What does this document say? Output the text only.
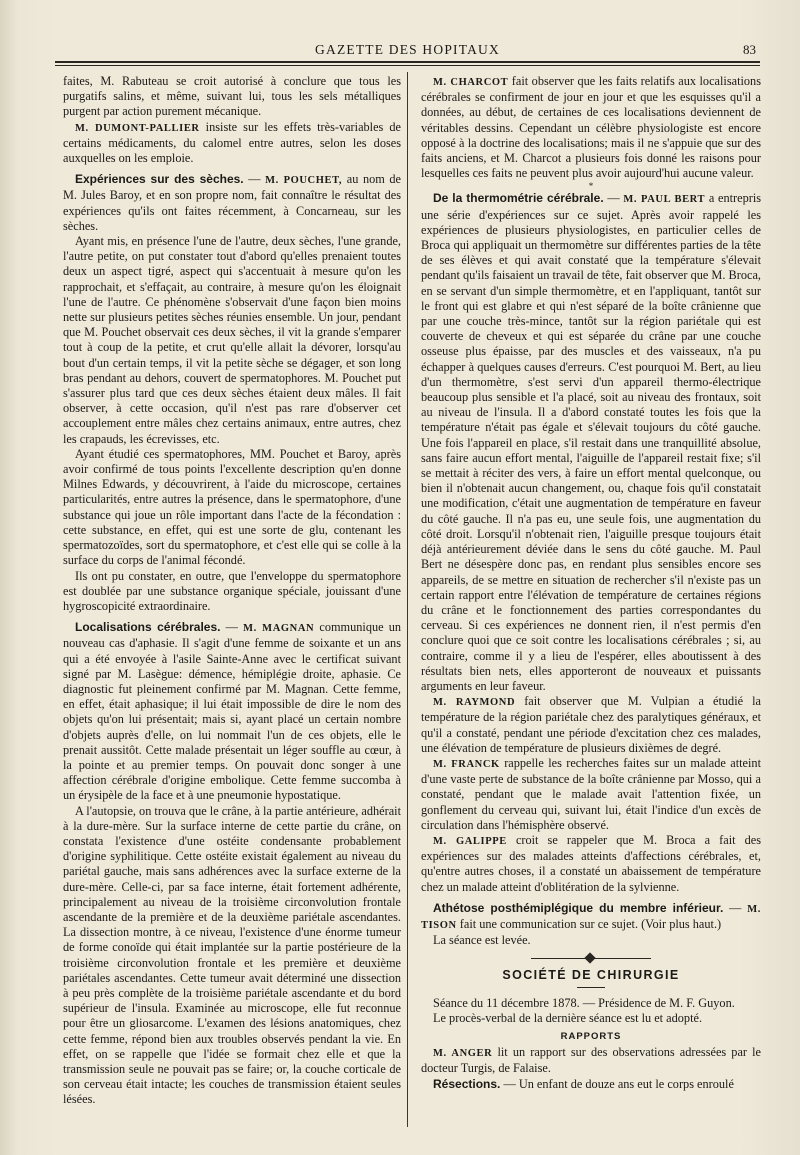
GAZETTE DES HOPITAUX	83

faites, M. Rabuteau se croit autorisé à conclure que tous les purgatifs salins, et même, suivant lui, tous les sels métalliques purgent par action purement mécanique.

M. DUMONT-PALLIER insiste sur les effets très-variables de certains médicaments, du calomel entre autres, selon les doses auxquelles on les emploie.

Expériences sur des sèches. — M. POUCHET, au nom de M. Jules Baroy, et en son propre nom, fait connaître le résultat des expériences qu'ils ont faites récemment, à Concarneau, sur les sèches.

Ayant mis, en présence l'une de l'autre, deux sèches, l'une grande, l'autre petite, on put constater tout d'abord qu'elles prenaient toutes deux un aspect tigré, aspect qui s'accentuait à mesure qu'on les rapprochait, et s'effaçait, au contraire, à mesure qu'on les éloignait l'une de l'autre. Ce phénomène s'observait d'une façon bien moins nette sur plusieurs petites sèches réunies ensemble. Un jour, pendant que M. Pouchet observait ces deux sèches, il vit la grande s'emparer tout à coup de la petite, et crut qu'elle allait la dévorer, lorsqu'au bout d'un certain temps, il vit la petite sèche se dégager, et son long bras pendant au dehors, couvert de spermatophores. M. Pouchet put s'assurer plus tard que ces deux sèches étaient deux mâles. Il fait observer, à cette occasion, qu'il n'est pas rare d'observer cet accouplement entre mâles chez certains animaux, entre autres, chez les crapauds, les écrevisses, etc.

Ayant étudié ces spermatophores, MM. Pouchet et Baroy, après avoir confirmé de tous points l'excellente description qu'en donne Milnes Edwards, y découvrirent, à l'aide du microscope, certaines particularités, entre autres la présence, dans le spermatophore, d'une substance qui joue un rôle important dans l'acte de la fécondation : cette substance, en effet, qui est une sorte de glu, contenant les spermatozoïdes, sort du spermatophore, et c'est elle qui se colle à la surface du corps de l'animal fécondé.

Ils ont pu constater, en outre, que l'enveloppe du spermatophore est doublée par une substance organique spéciale, jouissant d'une hygroscopicité extraordinaire.

Localisations cérébrales. — M. MAGNAN communique un nouveau cas d'aphasie. Il s'agit d'une femme de soixante et un ans qui a été envoyée à l'asile Sainte-Anne avec le certificat suivant signé par M. Lasègue: démence, hémiplégie droite, aphasie. Ce diagnostic fut pleinement confirmé par M. Magnan. Cette femme, en effet, était aphasique; il lui était impossible de dire le nom des objets qu'on lui présentait; mais si, ayant placé un certain nombre d'objets auprès d'elle, on lui nommait l'un de ces objets, elle le prenait aussitôt. Cette malade présentait un léger souffle au cœur, à la pointe et au premier temps. On pouvait donc songer à une affection cérébrale d'origine embolique. Cette femme succomba à un érysipèle de la face et à une pneumonie hypostatique.

A l'autopsie, on trouva que le crâne, à la partie antérieure, adhérait à la dure-mère. Sur la surface interne de cette partie du crâne, on constata l'existence d'une ostéite condensante probablement d'origine syphilitique. Cette ostéite existait également au niveau du pariétal gauche, mais sans adhérences avec la surface externe de la dure-mère. Celle-ci, par sa face interne, était fortement adhérente, principalement au niveau de la troisième circonvolution frontale ascendante de la première et de la deuxième pariétale ascendantes. La dissection montre, à ce niveau, l'existence d'une énorme tumeur de forme conoïde qui était implantée sur la partie postérieure de la troisième circonvolution frontale et les première et deuxième pariétales ascendantes. Cette tumeur avait déterminé une dissection à peu près complète de la troisième pariétale ascendante et du bord supérieur de l'insula. Examinée au microscope, elle fut reconnue pour être un gliosarcome. L'examen des lésions anatomiques, chez cette femme, répond bien aux troubles observés pendant la vie. En effet, on se rappelle que l'idée se formait chez elle et que la transmission seule ne pouvait pas se faire; or, la couche corticale de son cerveau était intacte; les couches de transmission étaient seules lésées.

M. CHARCOT fait observer que les faits relatifs aux localisations cérébrales se confirment de jour en jour et que les esquisses qu'il a données, au début, de certaines de ces localisations deviennent de véritables dessins. Cependant un célèbre physiologiste est encore opposé à la doctrine des localisations; mais il ne s'appuie que sur des faits anciens, et M. Charcot a plusieurs fois donné les raisons pour lesquelles ces faits ne peuvent plus avoir aujourd'hui aucune valeur.

*

De la thermométrie cérébrale. — M. PAUL BERT a entrepris une série d'expériences sur ce sujet. Après avoir rappelé les expériences de plusieurs physiologistes, en particulier celles de Broca qui appliquait un thermomètre sur différentes parties de la tête de ses élèves et qui avait constaté que la température s'élevait pendant qu'ils faisaient un travail de tête, fait observer que M. Broca, en se servant d'un simple thermomètre, et en l'appliquant, tantôt sur le front qui est glabre et qui n'est séparé de la boîte crânienne que par une couche très-mince, tantôt sur la région pariétale qui est couverte de cheveux et qui est séparée du crâne par une couche osseuse plus épaisse, par des muscles et des vaisseaux, n'a pu échapper à quelques causes d'erreurs. C'est pourquoi M. Bert, au lieu d'un thermomètre, s'est servi d'un appareil thermo-électrique beaucoup plus sensible et l'a placé, soit au niveau des frontaux, soit au niveau de l'insula. Il a d'abord constaté toutes les fois que la température n'était pas égale et s'élevait toujours du côté gauche. Une fois l'appareil en place, s'il restait dans une tranquillité absolue, sans faire aucun effort mental, l'aiguille de l'appareil restait fixe; s'il se mettait à réciter des vers, à faire un effort mental quelconque, ou bien il n'obtenait aucun changement, ou, chaque fois qu'il constatait une modification, c'était une augmentation de température en faveur du côté gauche. Il n'a pas eu, une seule fois, une augmentation du côté droit. Lorsqu'il n'obtenait rien, l'aiguille presque toujours était déjà antérieurement déviée dans le sens du côté gauche. M. Paul Bert ne désespère donc pas, en rendant plus sensibles encore ses appareils, de se mettre en situation de rechercher s'il n'existe pas un certain rapport entre l'élévation de température de certaines régions du crâne et le fonctionnement des parties correspondantes du cerveau. Si ces expériences ne donnent rien, il n'est permis d'en conclure quoi que ce soit contre les localisations cérébrales ; si, au contraire, comme il y a lieu de l'espérer, elles aboutissent à des résultats bien nets, elles apporteront de nouveaux et puissants arguments en leur faveur.

M. RAYMOND fait observer que M. Vulpian a étudié la température de la région pariétale chez des paralytiques généraux, et qu'il a constaté, pendant une période d'excitation chez ces malades, une élévation de température de plusieurs dixièmes de degré.

M. FRANCK rappelle les recherches faites sur un malade atteint d'une vaste perte de substance de la boîte crânienne par Mosso, qui a constaté, pendant que le malade avait l'attention fixée, un gonflement du cerveau qui, suivant lui, était l'indice d'un excès de circulation dans l'hémisphère observé.

M. GALIPPE croit se rappeler que M. Broca a fait des expériences sur des malades atteints d'affections cérébrales, et, qu'entre autres choses, il a constaté un abaissement de température chez un malade atteint d'oblitération de la sylvienne.

Athétose posthémiplégique du membre inférieur. — M. TISON fait une communication sur ce sujet. (Voir plus haut.)

La séance est levée.

SOCIÉTÉ DE CHIRURGIE

Séance du 11 décembre 1878. — Présidence de M. F. Guyon.

Le procès-verbal de la dernière séance est lu et adopté.

RAPPORTS

M. ANGER lit un rapport sur des observations adressées par le docteur Turgis, de Falaise.

Résections. — Un enfant de douze ans eut le corps enroulé
